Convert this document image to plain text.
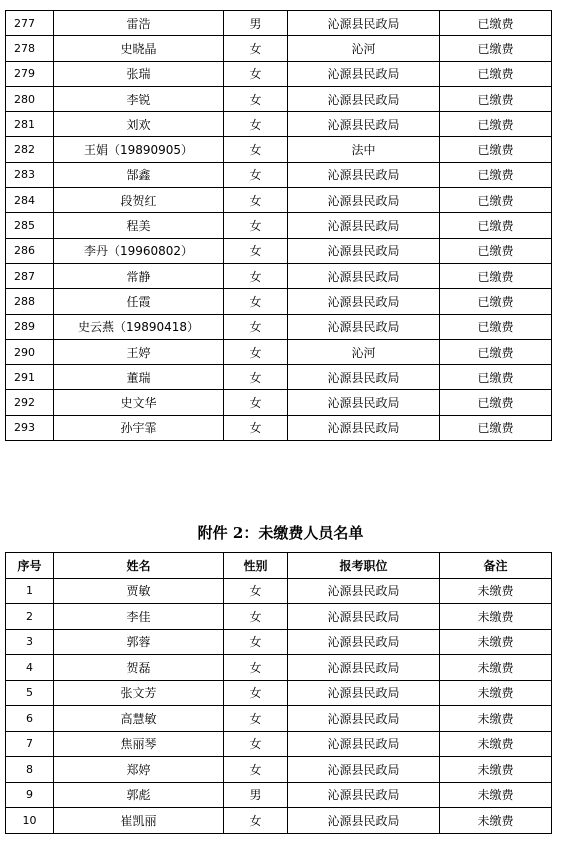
277	雷浩	男	沁源县民政局	已缴费
278	史晓晶	女	沁河	已缴费
279	张瑞	女	沁源县民政局	已缴费
280	李锐	女	沁源县民政局	已缴费
281	刘欢	女	沁源县民政局	已缴费
282	王娟（19890905）	女	法中	已缴费
283	郜鑫	女	沁源县民政局	已缴费
284	段贺红	女	沁源县民政局	已缴费
285	程美	女	沁源县民政局	已缴费
286	李丹（19960802）	女	沁源县民政局	已缴费
287	常静	女	沁源县民政局	已缴费
288	任霞	女	沁源县民政局	已缴费
289	史云燕（19890418）	女	沁源县民政局	已缴费
290	王婷	女	沁河	已缴费
291	董瑞	女	沁源县民政局	已缴费
292	史文华	女	沁源县民政局	已缴费
293	孙宇霏	女	沁源县民政局	已缴费
附件 2：未缴费人员名单
序号	姓名	性别	报考职位	备注
1	贾敏	女	沁源县民政局	未缴费
2	李佳	女	沁源县民政局	未缴费
3	郭蓉	女	沁源县民政局	未缴费
4	贺磊	女	沁源县民政局	未缴费
5	张文芳	女	沁源县民政局	未缴费
6	高慧敏	女	沁源县民政局	未缴费
7	焦丽琴	女	沁源县民政局	未缴费
8	郑婷	女	沁源县民政局	未缴费
9	郭彪	男	沁源县民政局	未缴费
10	崔凯丽	女	沁源县民政局	未缴费
